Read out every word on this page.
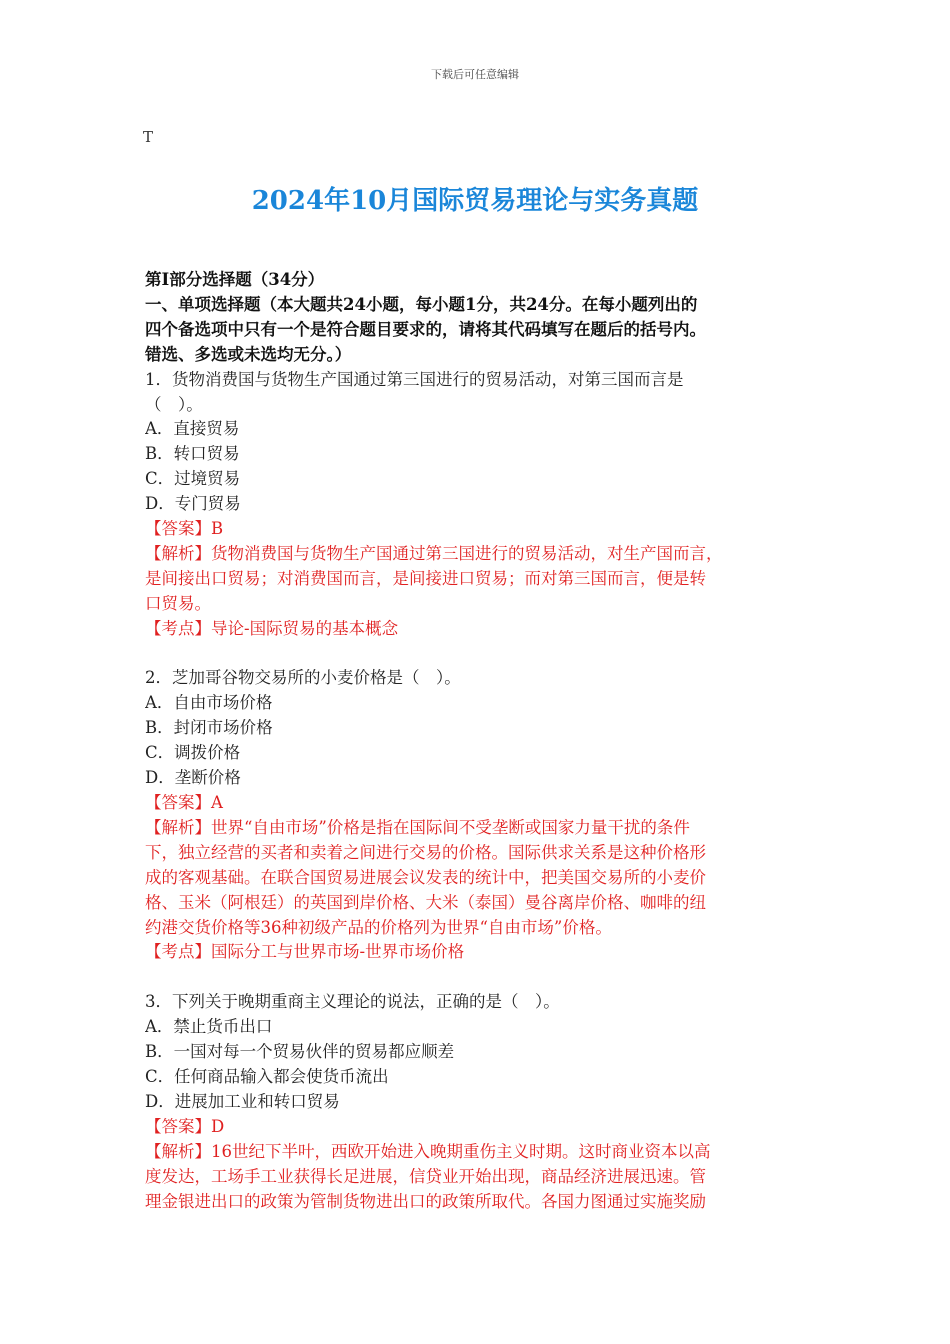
下载后可任意编辑
T
2024年10月国际贸易理论与实务真题
第Ⅰ部分选择题（34分）
一、单项选择题（本大题共24小题，每小题1分，共24分。在每小题列出的
四个备选项中只有一个是符合题目要求的，请将其代码填写在题后的括号内。
错选、多选或未选均无分。）
1．货物消费国与货物生产国通过第三国进行的贸易活动，对第三国而言是
（　）。
A．直接贸易
B．转口贸易
C．过境贸易
D．专门贸易
【答案】B
【解析】货物消费国与货物生产国通过第三国进行的贸易活动，对生产国而言，
是间接出口贸易；对消费国而言，是间接进口贸易；而对第三国而言，便是转
口贸易。
【考点】导论-国际贸易的基本概念
2．芝加哥谷物交易所的小麦价格是（　）。
A．自由市场价格
B．封闭市场价格
C．调拨价格
D．垄断价格
【答案】A
【解析】世界“自由市场”价格是指在国际间不受垄断或国家力量干扰的条件
下，独立经营的买者和卖着之间进行交易的价格。国际供求关系是这种价格形
成的客观基础。在联合国贸易进展会议发表的统计中，把美国交易所的小麦价
格、玉米（阿根廷）的英国到岸价格、大米（泰国）曼谷离岸价格、咖啡的纽
约港交货价格等36种初级产品的价格列为世界“自由市场”价格。
【考点】国际分工与世界市场-世界市场价格
3．下列关于晚期重商主义理论的说法，正确的是（　）。
A．禁止货币出口
B．一国对每一个贸易伙伴的贸易都应顺差
C．任何商品输入都会使货币流出
D．进展加工业和转口贸易
【答案】D
【解析】16世纪下半叶，西欧开始进入晚期重伤主义时期。这时商业资本以高
度发达，工场手工业获得长足进展，信贷业开始出现，商品经济进展迅速。管
理金银进出口的政策为管制货物进出口的政策所取代。各国力图通过实施奖励
